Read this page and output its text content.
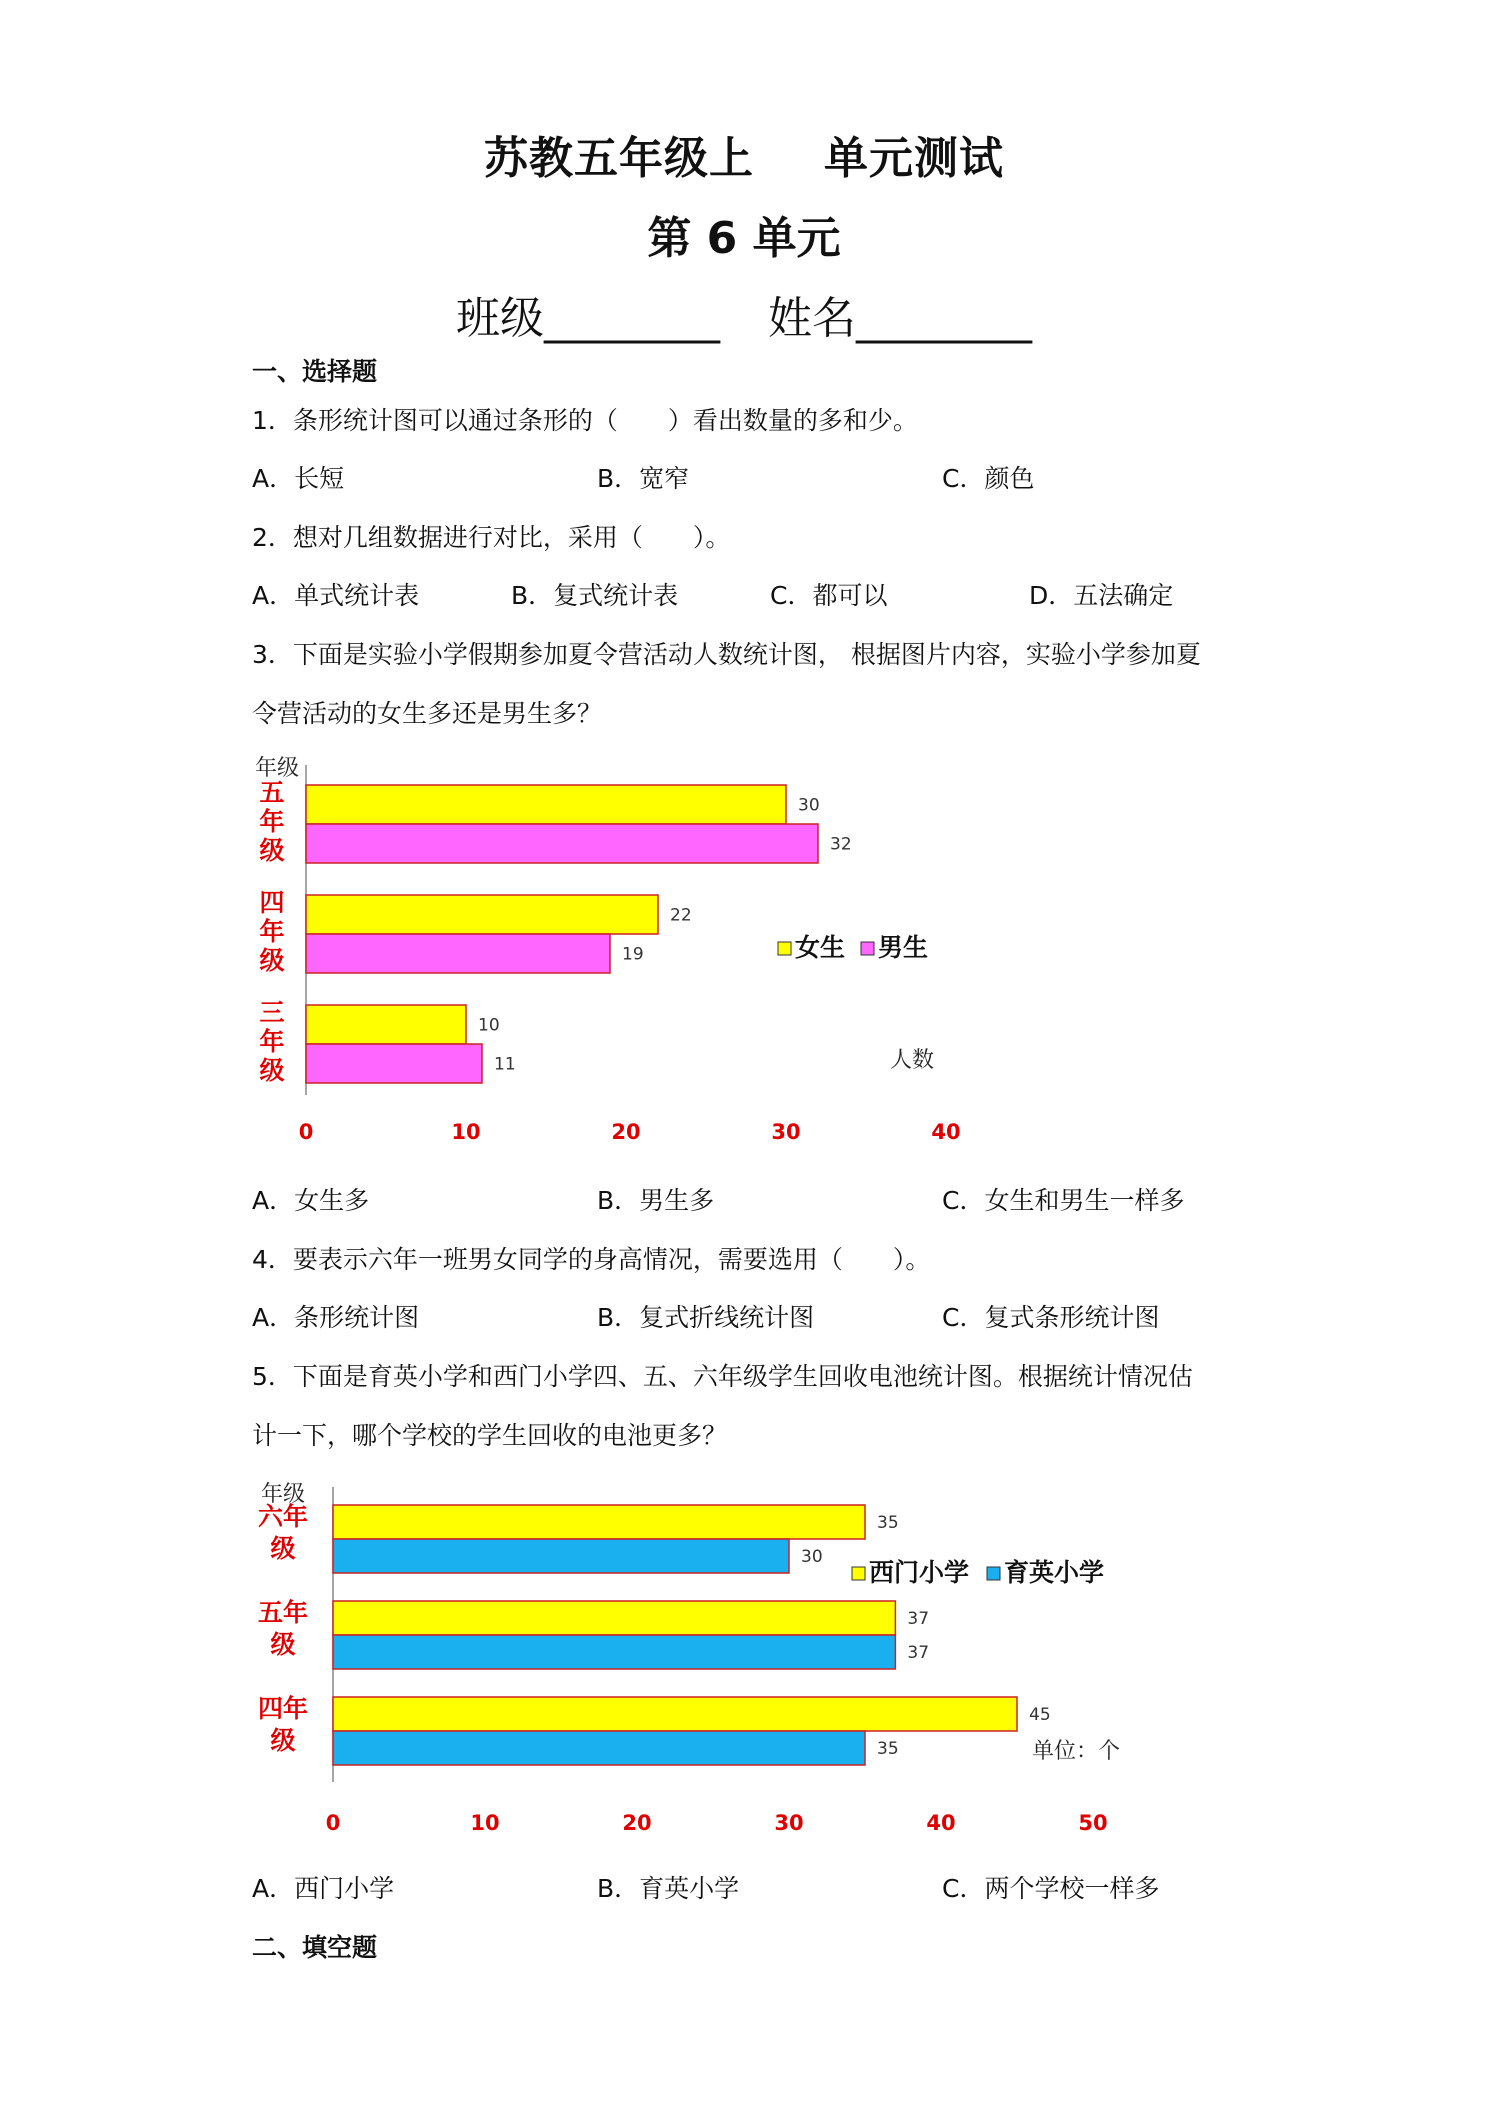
苏教五年级上 单元测试
第 6 单元
班级________ 姓名________
一、选择题
1．条形统计图可以通过条形的（　　）看出数量的多和少。
A．长短	B．宽窄	C．颜色
2．想对几组数据进行对比，采用（　　）。
A．单式统计表	B．复式统计表	C．都可以	D．五法确定
3．下面是实验小学假期参加夏令营活动人数统计图， 根据图片内容，实验小学参加夏
令营活动的女生多还是男生多？
年级
五
年
级
30
32
四
年
级
22
19
三
年
级
10
11
0	10	20	30	40
人数
女生 男生
A．女生多	B．男生多	C．女生和男生一样多
4．要表示六年一班男女同学的身高情况，需要选用（　　）。
A．条形统计图	B．复式折线统计图	C．复式条形统计图
5．下面是育英小学和西门小学四、五、六年级学生回收电池统计图。根据统计情况估
计一下，哪个学校的学生回收的电池更多？
年级
六年
级
35
30
五年
级
37
37
四年
级
45
35
0	10	20	30	40	50
单位：个
西门小学 育英小学
A．西门小学	B．育英小学	C．两个学校一样多
二、填空题
